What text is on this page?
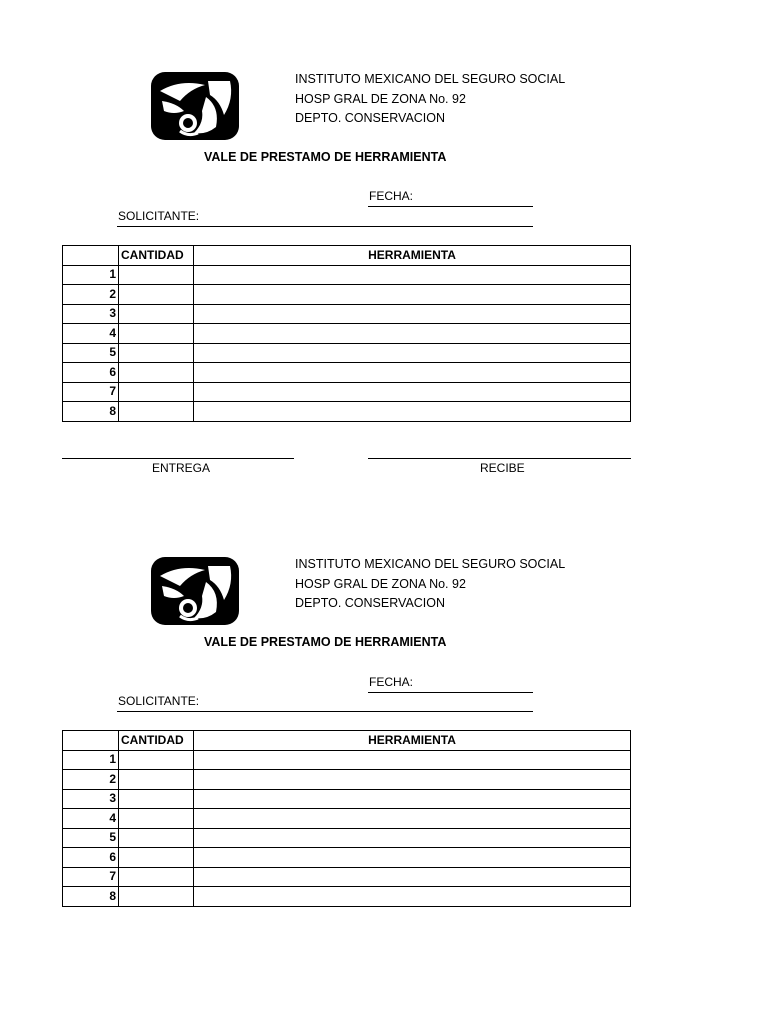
INSTITUTO MEXICANO DEL SEGURO SOCIAL
HOSP GRAL DE ZONA No. 92
DEPTO. CONSERVACION
VALE DE PRESTAMO DE HERRAMIENTA
FECHA:
SOLICITANTE:
	CANTIDAD	HERRAMIENTA
1		
2		
3		
4		
5		
6		
7		
8		
ENTREGA	RECIBE
INSTITUTO MEXICANO DEL SEGURO SOCIAL
HOSP GRAL DE ZONA No. 92
DEPTO. CONSERVACION
VALE DE PRESTAMO DE HERRAMIENTA
FECHA:
SOLICITANTE:
	CANTIDAD	HERRAMIENTA
1		
2		
3		
4		
5		
6		
7		
8		
